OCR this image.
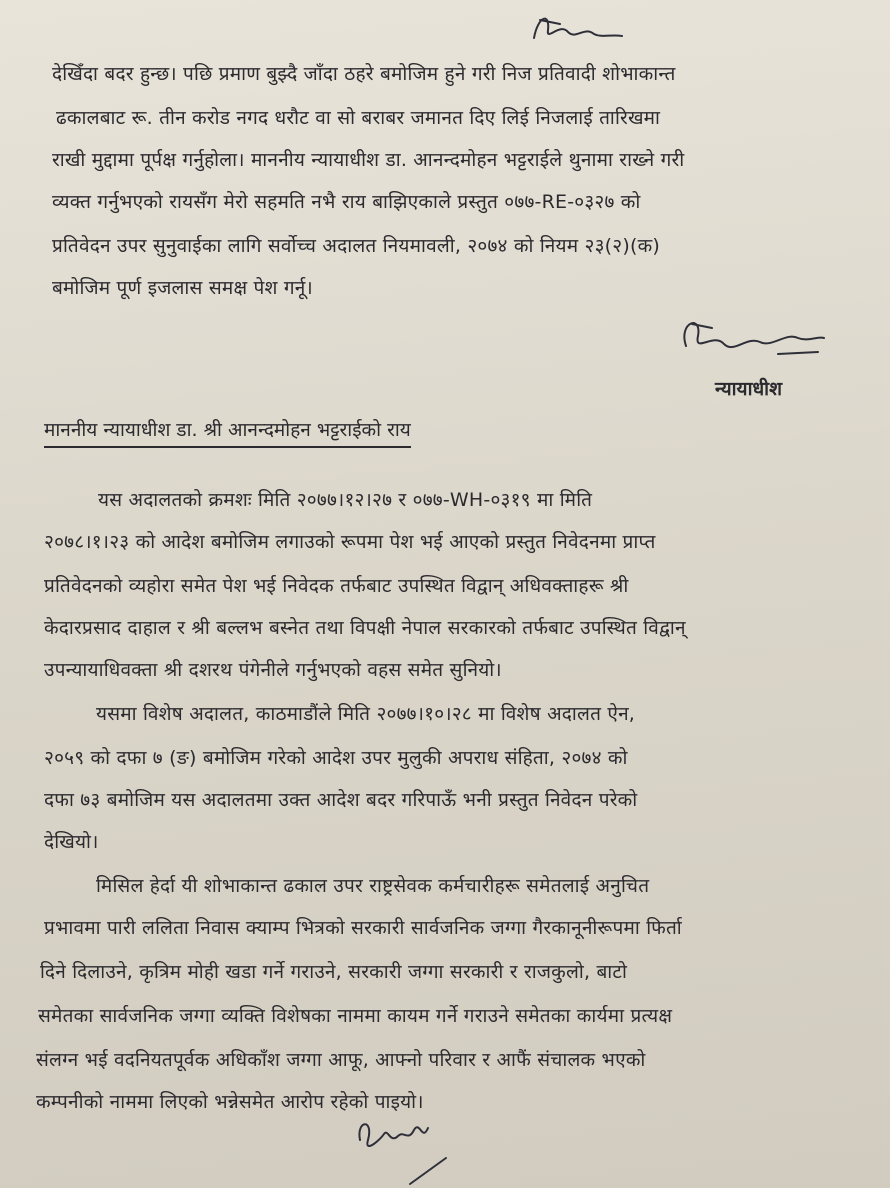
देखिँदा बदर हुन्छ। पछि प्रमाण बुझ्दै जाँदा ठहरे बमोजिम हुने गरी निज प्रतिवादी शोभाकान्त
ढकालबाट रू. तीन करोड नगद धरौट वा सो बराबर जमानत दिए लिई निजलाई तारिखमा
राखी मुद्दामा पूर्पक्ष गर्नुहोला। माननीय न्यायाधीश डा. आनन्दमोहन भट्टराईले थुनामा राख्ने गरी
व्यक्त गर्नुभएको रायसँग मेरो सहमति नभै राय बाझिएकाले प्रस्तुत ०७७-RE-०३२७ को
प्रतिवेदन उपर सुनुवाईका लागि सर्वोच्च अदालत नियमावली, २०७४ को नियम २३(२)(क)
बमोजिम पूर्ण इजलास समक्ष पेश गर्नू।
न्यायाधीश
माननीय न्यायाधीश डा. श्री आनन्दमोहन भट्टराईको राय
यस अदालतको क्रमशः मिति २०७७।१२।२७ र ०७७-WH-०३१९ मा मिति
२०७८।१।२३ को आदेश बमोजिम लगाउको रूपमा पेश भई आएको प्रस्तुत निवेदनमा प्राप्त
प्रतिवेदनको व्यहोरा समेत पेश भई निवेदक तर्फबाट उपस्थित विद्वान् अधिवक्ताहरू श्री
केदारप्रसाद दाहाल र श्री बल्लभ बस्नेत तथा विपक्षी नेपाल सरकारको तर्फबाट उपस्थित विद्वान्
उपन्यायाधिवक्ता श्री दशरथ पंगेनीले गर्नुभएको वहस समेत सुनियो।
यसमा विशेष अदालत, काठमाडौंले मिति २०७७।१०।२८ मा विशेष अदालत ऐन,
२०५९ को दफा ७ (ङ) बमोजिम गरेको आदेश उपर मुलुकी अपराध संहिता, २०७४ को
दफा ७३ बमोजिम यस अदालतमा उक्त आदेश बदर गरिपाऊँ भनी प्रस्तुत निवेदन परेको
देखियो।
मिसिल हेर्दा यी शोभाकान्त ढकाल उपर राष्ट्रसेवक कर्मचारीहरू समेतलाई अनुचित
प्रभावमा पारी ललिता निवास क्याम्प भित्रको सरकारी सार्वजनिक जग्गा गैरकानूनीरूपमा फिर्ता
दिने दिलाउने, कृत्रिम मोही खडा गर्ने गराउने, सरकारी जग्गा सरकारी र राजकुलो, बाटो
समेतका सार्वजनिक जग्गा व्यक्ति विशेषका नाममा कायम गर्ने गराउने समेतका कार्यमा प्रत्यक्ष
संलग्न भई वदनियतपूर्वक अधिकाँश जग्गा आफू, आफ्नो परिवार र आफैं संचालक भएको
कम्पनीको नाममा लिएको भन्नेसमेत आरोप रहेको पाइयो।
